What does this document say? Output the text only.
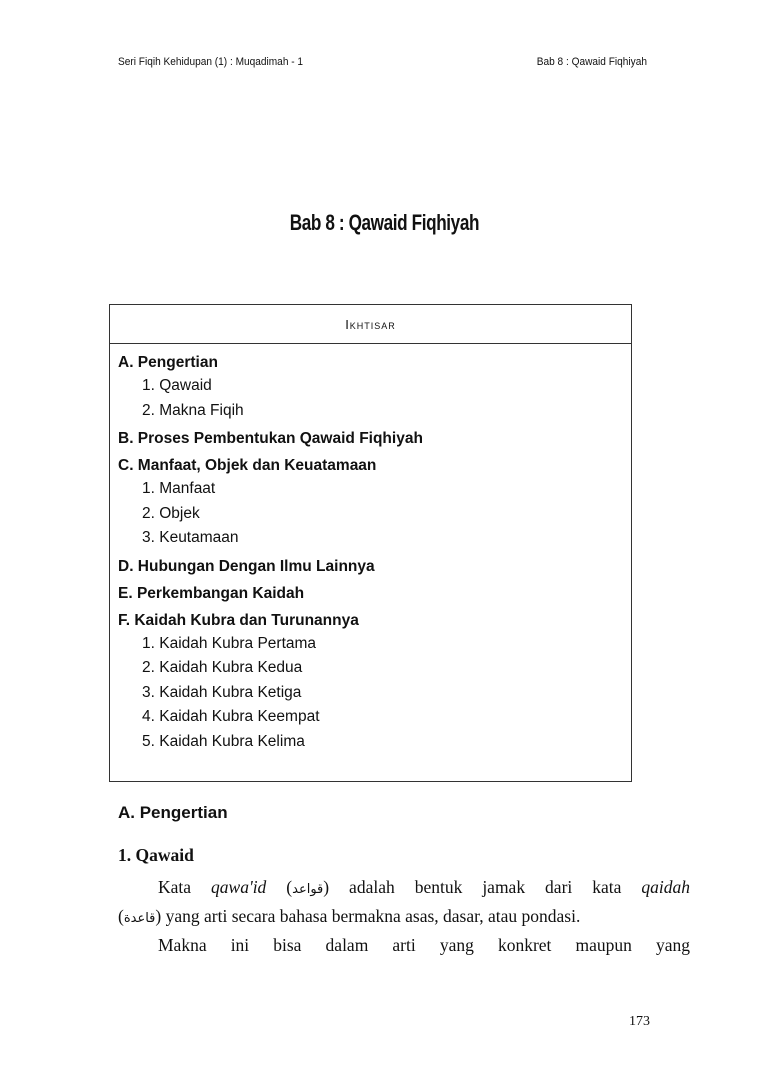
Seri Fiqih Kehidupan (1) : Muqadimah - 1	Bab 8 : Qawaid Fiqhiyah
Bab 8 : Qawaid Fiqhiyah
Ikhtisar
A. Pengertian
1. Qawaid
2. Makna Fiqih
B. Proses Pembentukan Qawaid Fiqhiyah
C. Manfaat, Objek dan Keuatamaan
1. Manfaat
2. Objek
3. Keutamaan
D. Hubungan Dengan Ilmu Lainnya
E. Perkembangan Kaidah
F. Kaidah Kubra dan Turunannya
1. Kaidah Kubra Pertama
2. Kaidah Kubra Kedua
3. Kaidah Kubra Ketiga
4. Kaidah Kubra Keempat
5. Kaidah Kubra Kelima
A. Pengertian
1. Qawaid
Kata qawa'id (قواعد) adalah bentuk jamak dari kata qaidah
(قاعدة) yang arti secara bahasa bermakna asas, dasar, atau pondasi.
Makna ini bisa dalam arti yang konkret maupun yang
173
